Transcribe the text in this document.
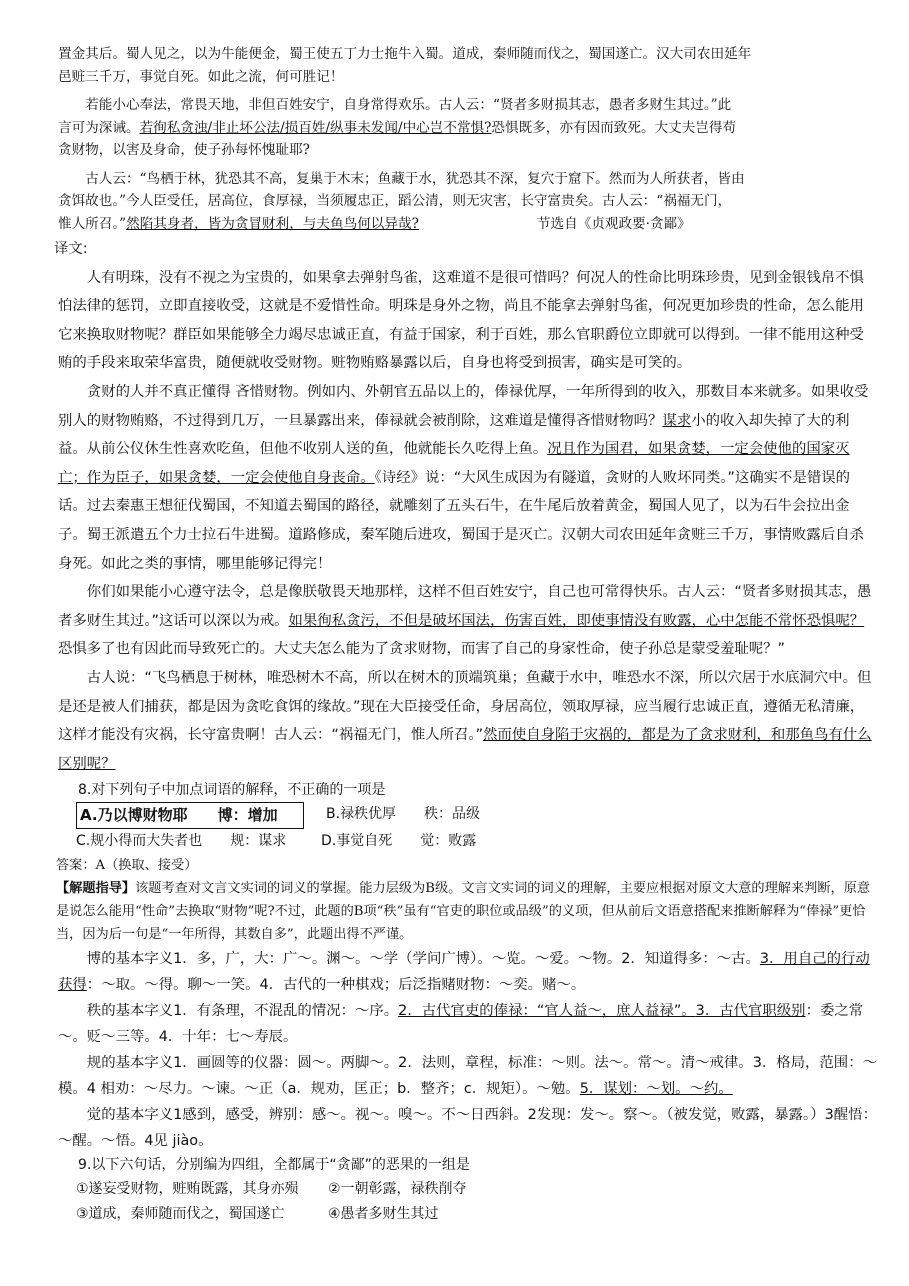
置金其后。蜀人见之，以为牛能便金，蜀王使五丁力士拖牛入蜀。道成，秦师随而伐之，蜀国遂亡。汉大司农田延年

邑赃三千万，事觉自死。如此之流，何可胜记！

若能小心奉法，常畏天地，非但百姓安宁，自身常得欢乐。古人云：“贤者多财损其志，愚者多财生其过。”此

言可为深诫。若徇私贪浊/非止坏公法/损百姓/纵事未发闻/中心岂不常惧?恐惧既多，亦有因而致死。大丈夫岂得苟

贪财物，以害及身命，使子孙每怀愧耻耶?

古人云：“鸟栖于林，犹恐其不高，复巢于木末；鱼藏于水，犹恐其不深，复穴于窟下。然而为人所获者，皆由

贪饵故也。”今人臣受任，居高位，食厚禄，当须履忠正，蹈公清，则无灾害，长守富贵矣。古人云：“祸福无门，

惟人所召。”然陷其身者，皆为贪冒财利，与夫鱼鸟何以异哉?	节选自《贞观政要·贪鄙》

译文:

人有明珠，没有不视之为宝贵的，如果拿去弹射鸟雀，这难道不是很可惜吗？何况人的性命比明珠珍贵，见到金银钱帛不惧怕法律的惩罚，立即直接收受，这就是不爱惜性命。明珠是身外之物，尚且不能拿去弹射鸟雀，何况更加珍贵的性命，怎么能用它来换取财物呢？群臣如果能够全力竭尽忠诚正直，有益于国家，利于百姓，那么官职爵位立即就可以得到。一律不能用这种受贿的手段来取荣华富贵，随便就收受财物。赃物贿赂暴露以后，自身也将受到损害，确实是可笑的。

贪财的人并不真正懂得 吝惜财物。例如内、外朝官五品以上的，俸禄优厚，一年所得到的收入，那数目本来就多。如果收受别人的财物贿赂，不过得到几万，一旦暴露出来，俸禄就会被削除，这难道是懂得吝惜财物吗？谋求小的收入却失掉了大的利益。从前公仪休生性喜欢吃鱼，但他不收别人送的鱼，他就能长久吃得上鱼。况且作为国君，如果贪婪，一定会使他的国家灭亡；作为臣子，如果贪婪，一定会使他自身丧命。《诗经》说：“大风生成因为有隧道，贪财的人败坏同类。”这确实不是错误的话。过去秦惠王想征伐蜀国，不知道去蜀国的路径，就雕刻了五头石牛，在牛尾后放着黄金，蜀国人见了，以为石牛会拉出金子。蜀王派遣五个力士拉石牛进蜀。道路修成，秦军随后进攻，蜀国于是灭亡。汉朝大司农田延年贪赃三千万，事情败露后自杀身死。如此之类的事情，哪里能够记得完！

你们如果能小心遵守法令，总是像朕敬畏天地那样，这样不但百姓安宁，自己也可常得快乐。古人云：“贤者多财损其志，愚者多财生其过。”这话可以深以为戒。如果徇私贪污，不但是破坏国法，伤害百姓，即使事情没有败露，心中怎能不常怀恐惧呢？恐惧多了也有因此而导致死亡的。大丈夫怎么能为了贪求财物，而害了自己的身家性命，使子孙总是蒙受羞耻呢？”

古人说：“飞鸟栖息于树林，唯恐树木不高，所以在树木的顶端筑巢；鱼藏于水中，唯恐水不深，所以穴居于水底洞穴中。但是还是被人们捕获，都是因为贪吃食饵的缘故。”现在大臣接受任命，身居高位，领取厚禄，应当履行忠诚正直，遵循无私清廉，这样才能没有灾祸，长守富贵啊！古人云：“祸福无门，惟人所召。”然而使自身陷于灾祸的，都是为了贪求财利，和那鱼鸟有什么区别呢？

8.对下列句子中加点词语的解释，不正确的一项是

A.乃以博财物耶　　博：增加	B.禄秩优厚　　秩：品级
C.规小得而大失者也　　规：谋求	D.事觉自死　　觉：败露

答案：A（换取、接受）

【解题指导】该题考查对文言文实词的词义的掌握。能力层级为B级。文言文实词的词义的理解，主要应根据对原文大意的理解来判断，原意是说怎么能用“性命”去换取“财物”呢?不过，此题的B项“秩”虽有“官吏的职位或品级”的义项，但从前后文语意搭配来推断解释为“俸禄”更恰当，因为后一句是“一年所得，其数自多”，此题出得不严谨。

博的基本字义1．多，广，大：广～。渊～。～学（学问广博）。～览。～爱。～物。2．知道得多：～古。3．用自己的行动获得：～取。～得。聊～一笑。4．古代的一种棋戏；后泛指赌财物：～奕。赌～。

秩的基本字义1．有条理，不混乱的情况：～序。2．古代官吏的俸禄：“官人益～，庶人益禄”。3．古代官职级别：委之常～。贬～三等。4．十年：七～寿辰。

规的基本字义1．画圆等的仪器：圆～。两脚～。2．法则，章程，标准：～则。法～。常～。清～戒律。3．格局，范围：～模。4 相劝：～尽力。～谏。～正（a．规劝，匡正；b．整齐；c．规矩）。～勉。5．谋划：～划。～约。

觉的基本字义1感到，感受，辨别：感～。视～。嗅～。不～日西斜。2发现：发～。察～。（被发觉，败露，暴露。）3醒悟：～醒。～悟。4见 jiào。

9.以下六句话，分别编为四组，全都属于“贪鄙”的恶果的一组是

①遂妄受财物，赃贿既露，其身亦殒	②一朝彰露，禄秩削夺
③道成，秦师随而伐之，蜀国遂亡	④愚者多财生其过
